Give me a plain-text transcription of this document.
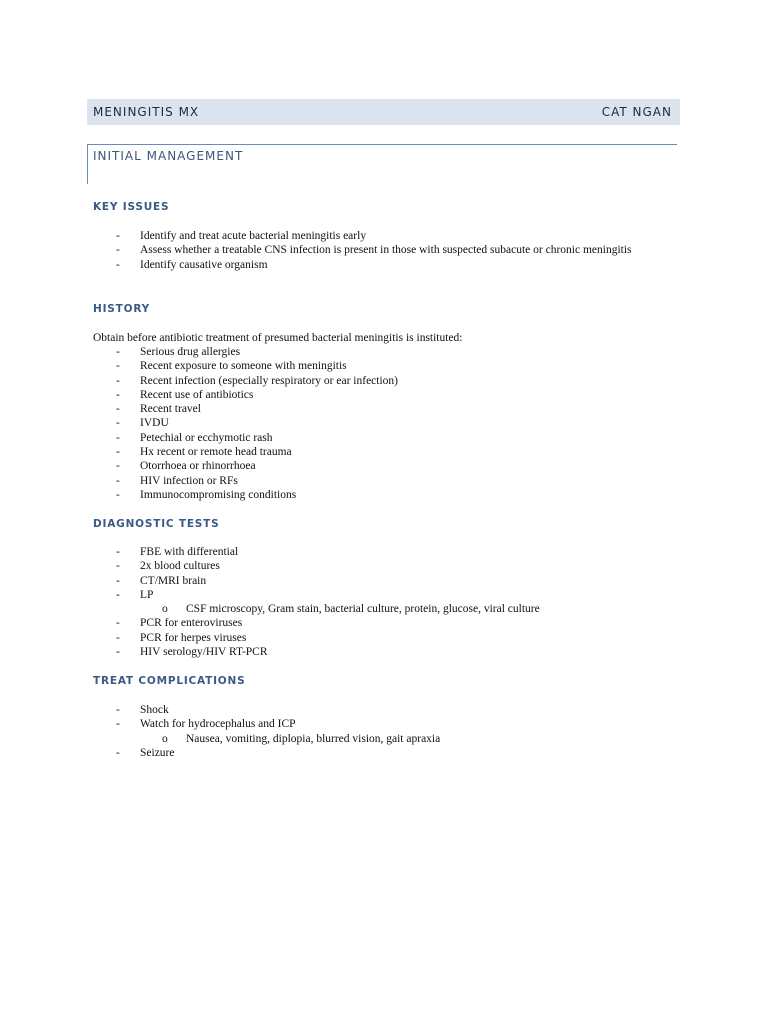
MENINGITIS MX	CAT NGAN
INITIAL MANAGEMENT
KEY ISSUES
- Identify and treat acute bacterial meningitis early
- Assess whether a treatable CNS infection is present in those with suspected subacute or chronic meningitis
- Identify causative organism
HISTORY
Obtain before antibiotic treatment of presumed bacterial meningitis is instituted:
- Serious drug allergies
- Recent exposure to someone with meningitis
- Recent infection (especially respiratory or ear infection)
- Recent use of antibiotics
- Recent travel
- IVDU
- Petechial or ecchymotic rash
- Hx recent or remote head trauma
- Otorrhoea or rhinorrhoea
- HIV infection or RFs
- Immunocompromising conditions
DIAGNOSTIC TESTS
- FBE with differential
- 2x blood cultures
- CT/MRI brain
- LP
o CSF microscopy, Gram stain, bacterial culture, protein, glucose, viral culture
- PCR for enteroviruses
- PCR for herpes viruses
- HIV serology/HIV RT-PCR
TREAT COMPLICATIONS
- Shock
- Watch for hydrocephalus and ICP
o Nausea, vomiting, diplopia, blurred vision, gait apraxia
- Seizure
